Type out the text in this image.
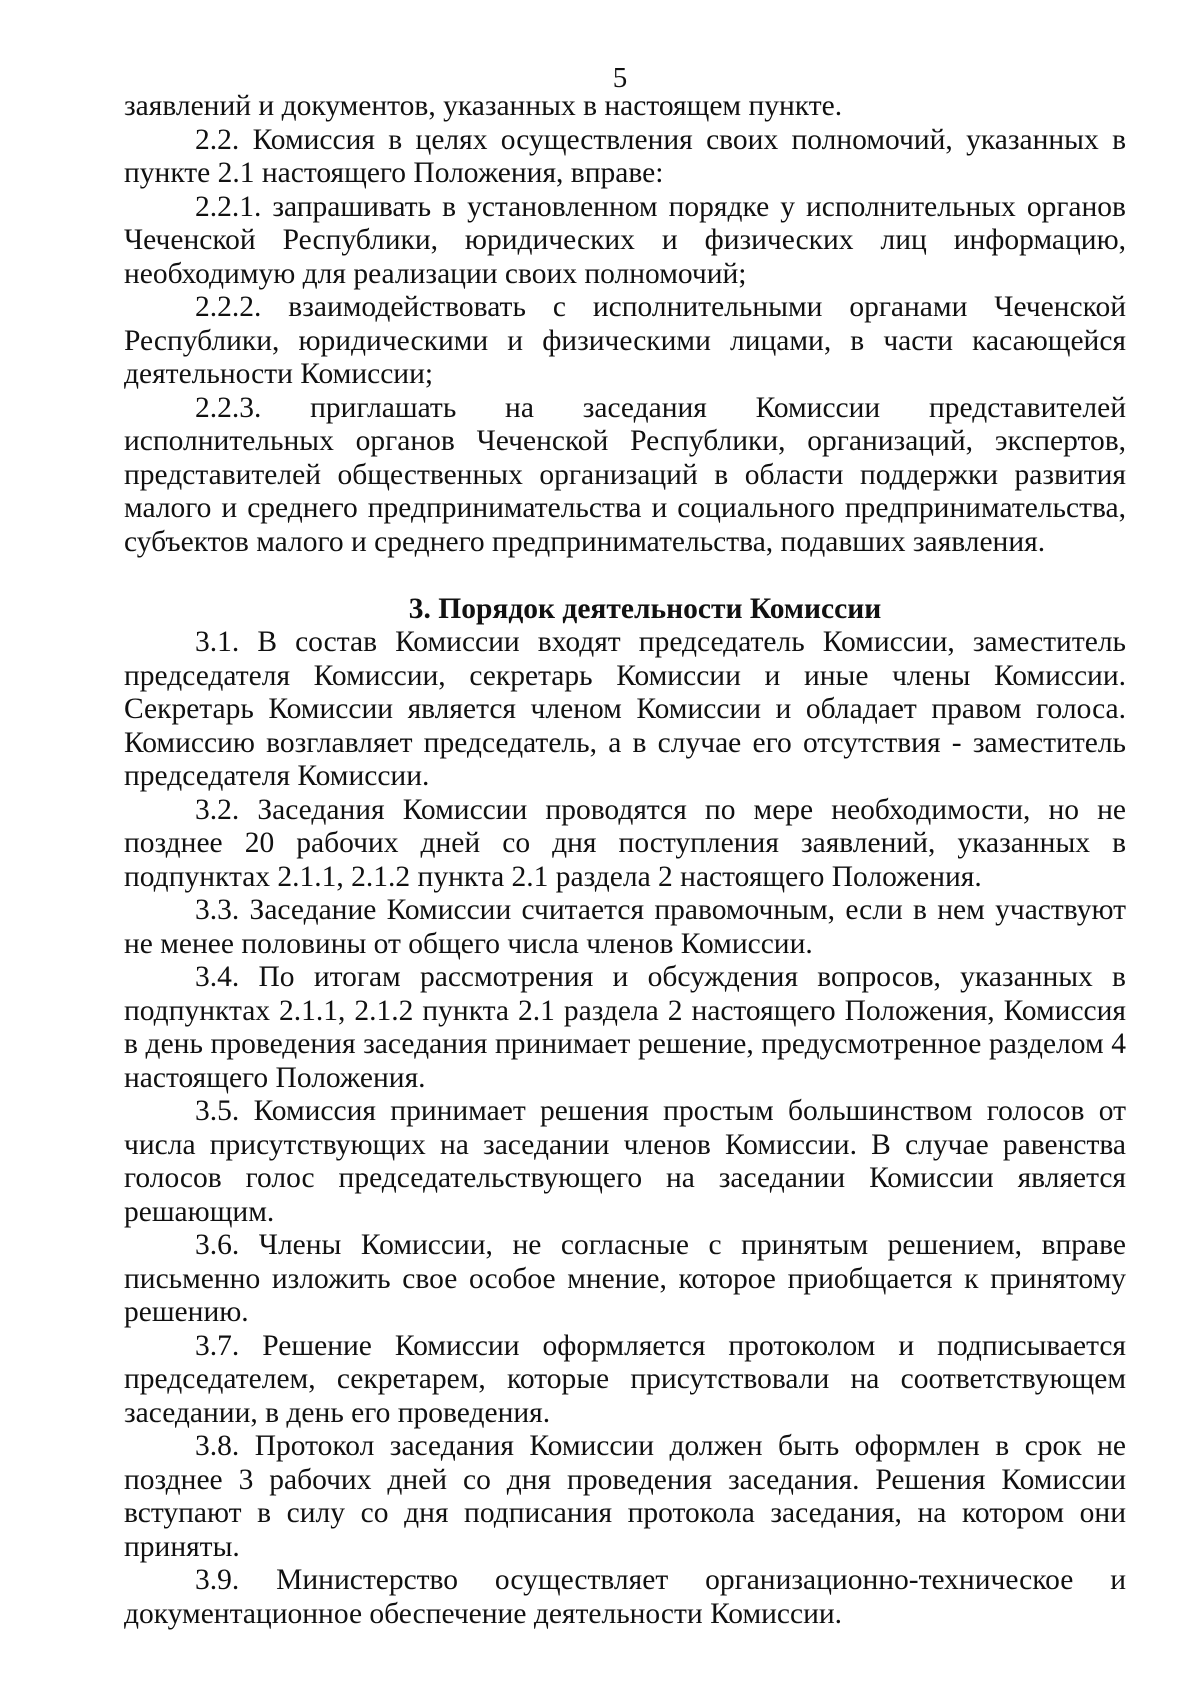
5

заявлений и документов, указанных в настоящем пункте.

2.2. Комиссия в целях осуществления своих полномочий, указанных в пункте 2.1 настоящего Положения, вправе:

2.2.1. запрашивать в установленном порядке у исполнительных органов Чеченской Республики, юридических и физических лиц информацию, необходимую для реализации своих полномочий;

2.2.2. взаимодействовать с исполнительными органами Чеченской Республики, юридическими и физическими лицами, в части касающейся деятельности Комиссии;

2.2.3. приглашать на заседания Комиссии представителей исполнительных органов Чеченской Республики, организаций, экспертов, представителей общественных организаций в области поддержки развития малого и среднего предпринимательства и социального предпринимательства, субъектов малого и среднего предпринимательства, подавших заявления.

3. Порядок деятельности Комиссии

3.1. В состав Комиссии входят председатель Комиссии, заместитель председателя Комиссии, секретарь Комиссии и иные члены Комиссии. Секретарь Комиссии является членом Комиссии и обладает правом голоса. Комиссию возглавляет председатель, а в случае его отсутствия - заместитель председателя Комиссии.

3.2. Заседания Комиссии проводятся по мере необходимости, но не позднее 20 рабочих дней со дня поступления заявлений, указанных в подпунктах 2.1.1, 2.1.2 пункта 2.1 раздела 2 настоящего Положения.

3.3. Заседание Комиссии считается правомочным, если в нем участвуют не менее половины от общего числа членов Комиссии.

3.4. По итогам рассмотрения и обсуждения вопросов, указанных в подпунктах 2.1.1, 2.1.2 пункта 2.1 раздела 2 настоящего Положения, Комиссия в день проведения заседания принимает решение, предусмотренное разделом 4 настоящего Положения.

3.5. Комиссия принимает решения простым большинством голосов от числа присутствующих на заседании членов Комиссии. В случае равенства голосов голос председательствующего на заседании Комиссии является решающим.

3.6. Члены Комиссии, не согласные с принятым решением, вправе письменно изложить свое особое мнение, которое приобщается к принятому решению.

3.7. Решение Комиссии оформляется протоколом и подписывается председателем, секретарем, которые присутствовали на соответствующем заседании, в день его проведения.

3.8. Протокол заседания Комиссии должен быть оформлен в срок не позднее 3 рабочих дней со дня проведения заседания. Решения Комиссии вступают в силу со дня подписания протокола заседания, на котором они приняты.

3.9. Министерство осуществляет организационно-техническое и документационное обеспечение деятельности Комиссии.
